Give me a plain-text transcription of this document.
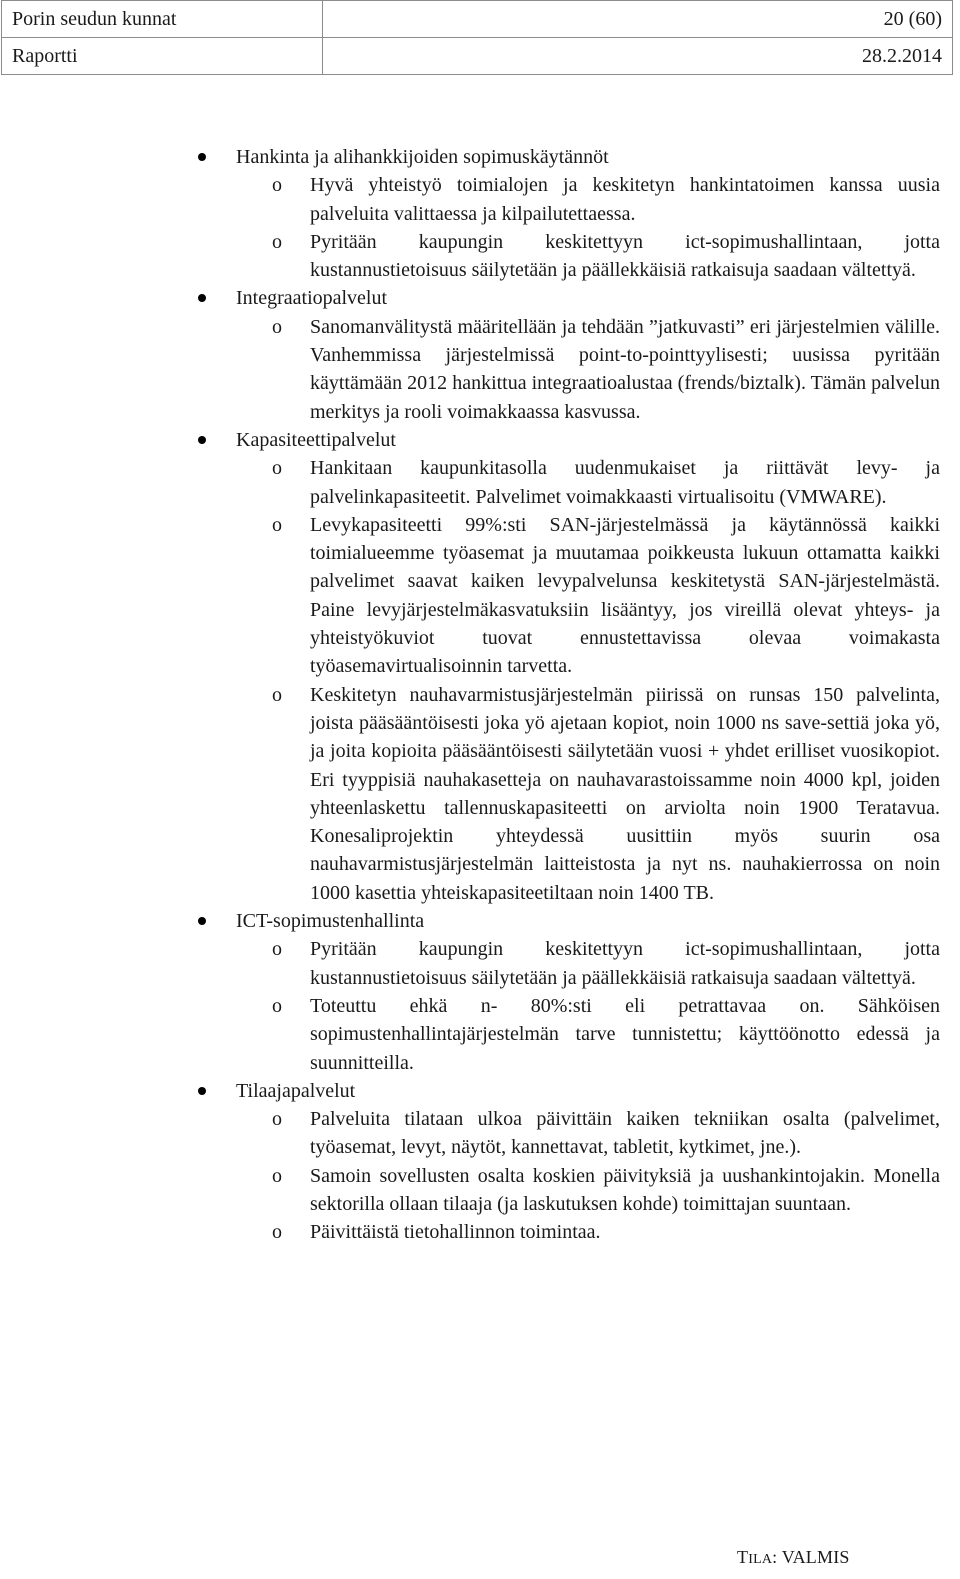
Porin seudun kunnat	20 (60)
Raportti	28.2.2014
Hankinta ja alihankkijoiden sopimuskäytännöt
o Hyvä yhteistyö toimialojen ja keskitetyn hankintatoimen kanssa uusia palveluita valittaessa ja kilpailutettaessa.
o Pyritään kaupungin keskitettyyn ict-sopimushallintaan, jotta kustannustietoisuus säilytetään ja päällekkäisiä ratkaisuja saadaan vältettyä.
Integraatiopalvelut
o Sanomanvälitystä määritellään ja tehdään ”jatkuvasti” eri järjestelmien välille. Vanhemmissa järjestelmissä point-to-pointtyylisesti; uusissa pyritään käyttämään 2012 hankittua integraatioalustaa (frends/biztalk). Tämän palvelun merkitys ja rooli voimakkaassa kasvussa.
Kapasiteettipalvelut
o Hankitaan kaupunkitasolla uudenmukaiset ja riittävät levy- ja palvelinkapasiteetit. Palvelimet voimakkaasti virtualisoitu (VMWARE).
o Levykapasiteetti 99%:sti SAN-järjestelmässä ja käytännössä kaikki toimialueemme työasemat ja muutamaa poikkeusta lukuun ottamatta kaikki palvelimet saavat kaiken levypalvelunsa keskitetystä SAN-järjestelmästä. Paine levyjärjestelmäkasvatuksiin lisääntyy, jos vireillä olevat yhteys- ja yhteistyökuviot tuovat ennustettavissa olevaa voimakasta työasemavirtualisoinnin tarvetta.
o Keskitetyn nauhavarmistusjärjestelmän piirissä on runsas 150 palvelinta, joista pääsääntöisesti joka yö ajetaan kopiot, noin 1000 ns save-settiä joka yö, ja joita kopioita pääsääntöisesti säilytetään vuosi + yhdet erilliset vuosikopiot. Eri tyyppisiä nauhakasetteja on nauhavarastoissamme noin 4000 kpl, joiden yhteenlaskettu tallennuskapasiteetti on arviolta noin 1900 Teratavua. Konesaliprojektin yhteydessä uusittiin myös suurin osa nauhavarmistusjärjestelmän laitteistosta ja nyt ns. nauhakierrossa on noin 1000 kasettia yhteiskapasiteetiltaan noin 1400 TB.
ICT-sopimustenhallinta
o Pyritään kaupungin keskitettyyn ict-sopimushallintaan, jotta kustannustietoisuus säilytetään ja päällekkäisiä ratkaisuja saadaan vältettyä.
o Toteuttu ehkä n- 80%:sti eli petrattavaa on. Sähköisen sopimustenhallintajärjestelmän tarve tunnistettu; käyttöönotto edessä ja suunnitteilla.
Tilaajapalvelut
o Palveluita tilataan ulkoa päivittäin kaiken tekniikan osalta (palvelimet, työasemat, levyt, näytöt, kannettavat, tabletit, kytkimet, jne.).
o Samoin sovellusten osalta koskien päivityksiä ja uushankintojakin. Monella sektorilla ollaan tilaaja (ja laskutuksen kohde) toimittajan suuntaan.
o Päivittäistä tietohallinnon toimintaa.
TILA: VALMIS
